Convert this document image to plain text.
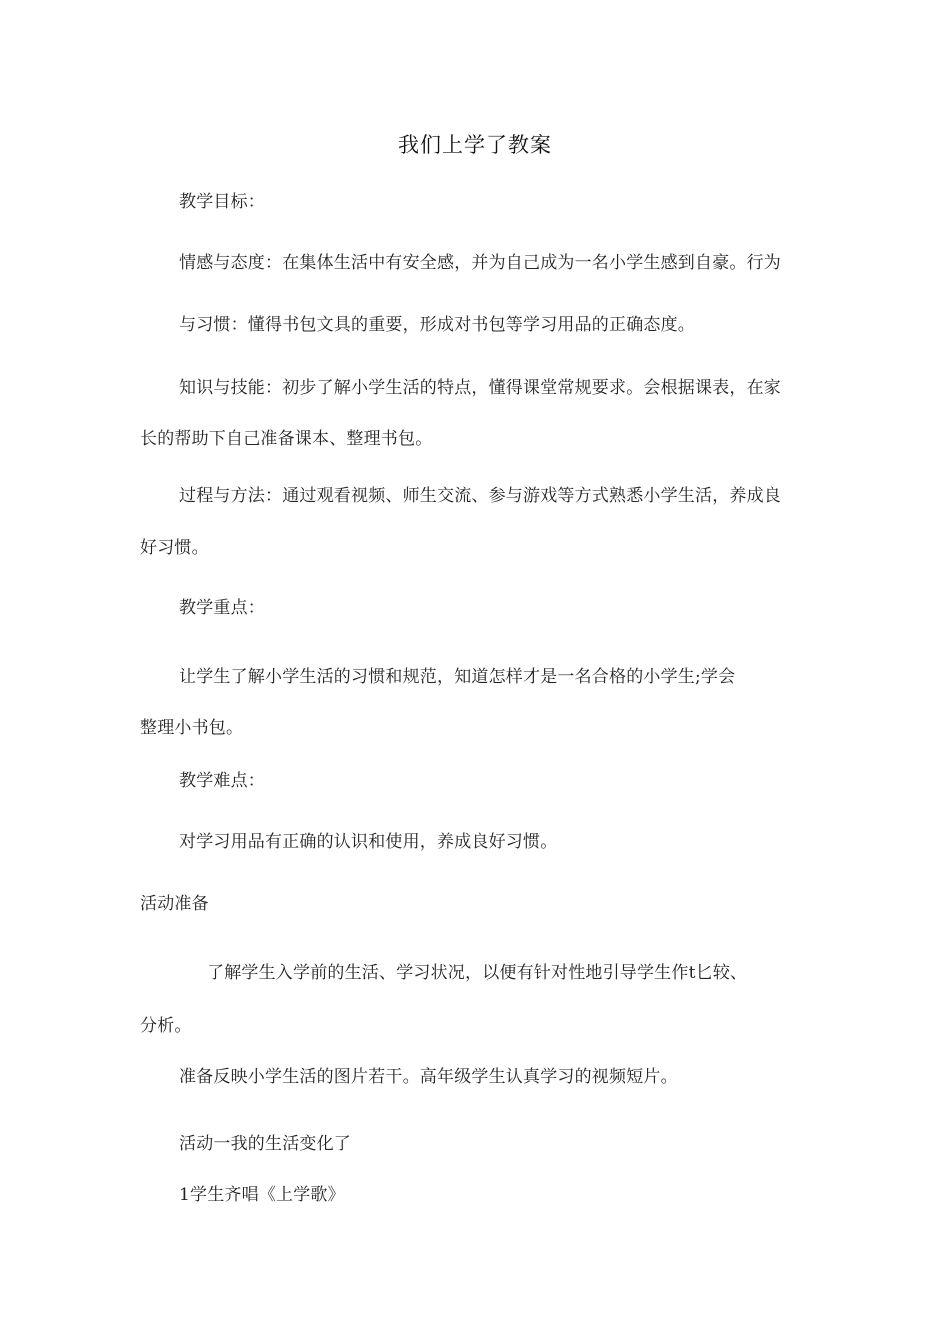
我们上学了教案
教学目标：
情感与态度：在集体生活中有安全感，并为自己成为一名小学生感到自豪。行为
与习惯：懂得书包文具的重要，形成对书包等学习用品的正确态度。
知识与技能：初步了解小学生活的特点，懂得课堂常规要求。会根据课表，在家
长的帮助下自己准备课本、整理书包。
过程与方法：通过观看视频、师生交流、参与游戏等方式熟悉小学生活，养成良
好习惯。
教学重点：
让学生了解小学生活的习惯和规范，知道怎样才是一名合格的小学生;学会
整理小书包。
教学难点：
对学习用品有正确的认识和使用，养成良好习惯。
活动准备
了解学生入学前的生活、学习状况，以便有针对性地引导学生作t匕较、
分析。
准备反映小学生活的图片若干。高年级学生认真学习的视频短片。
活动一我的生活变化了
1学生齐唱《上学歌》
